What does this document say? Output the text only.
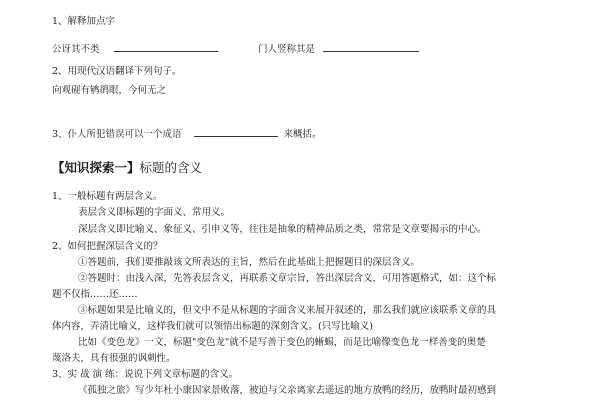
1、解释加点字
公讶其不类	门人竖称其是
2、用现代汉语翻译下列句子。
向观砚有鸲鹆眼，今何无之
3、仆人所犯错误可以一个成语	来概括。
【知识探索一】标题的含义
1、一般标题有两层含义。
表层含义即标题的字面义、常用义。
深层含义即比喻义、象征义、引申义等，往往是抽象的精神品质之类，常常是文章要揭示的中心。
2、如何把握深层含义的？
①答题前，我们要推敲该文所表达的主旨，然后在此基础上把握题目的深层含义。
②答题时：由浅入深，先答表层含义，再联系文章宗旨，答出深层含义，可用答题格式，如：这个标
题不仅指……还……
③标题如果是比喻义的，但文中不是从标题的字面含义来展开叙述的，那么我们就应该联系文章的具
体内容，弄清比喻义，这样我们就可以领悟出标题的深刻含义。(只写比喻义)
比如《变色龙》一文，标题"变色龙"就不是写善于变色的蜥蜴，而是比喻像变色龙一样善变的奥楚
蔑洛夫，具有很强的讽刺性。
3、实 战 演 练：说说下列文章标题的含义。
《孤独之旅》写少年杜小康因家景败落，被迫与父亲离家去遥远的地方放鸭的经历，放鸭时最初感到
